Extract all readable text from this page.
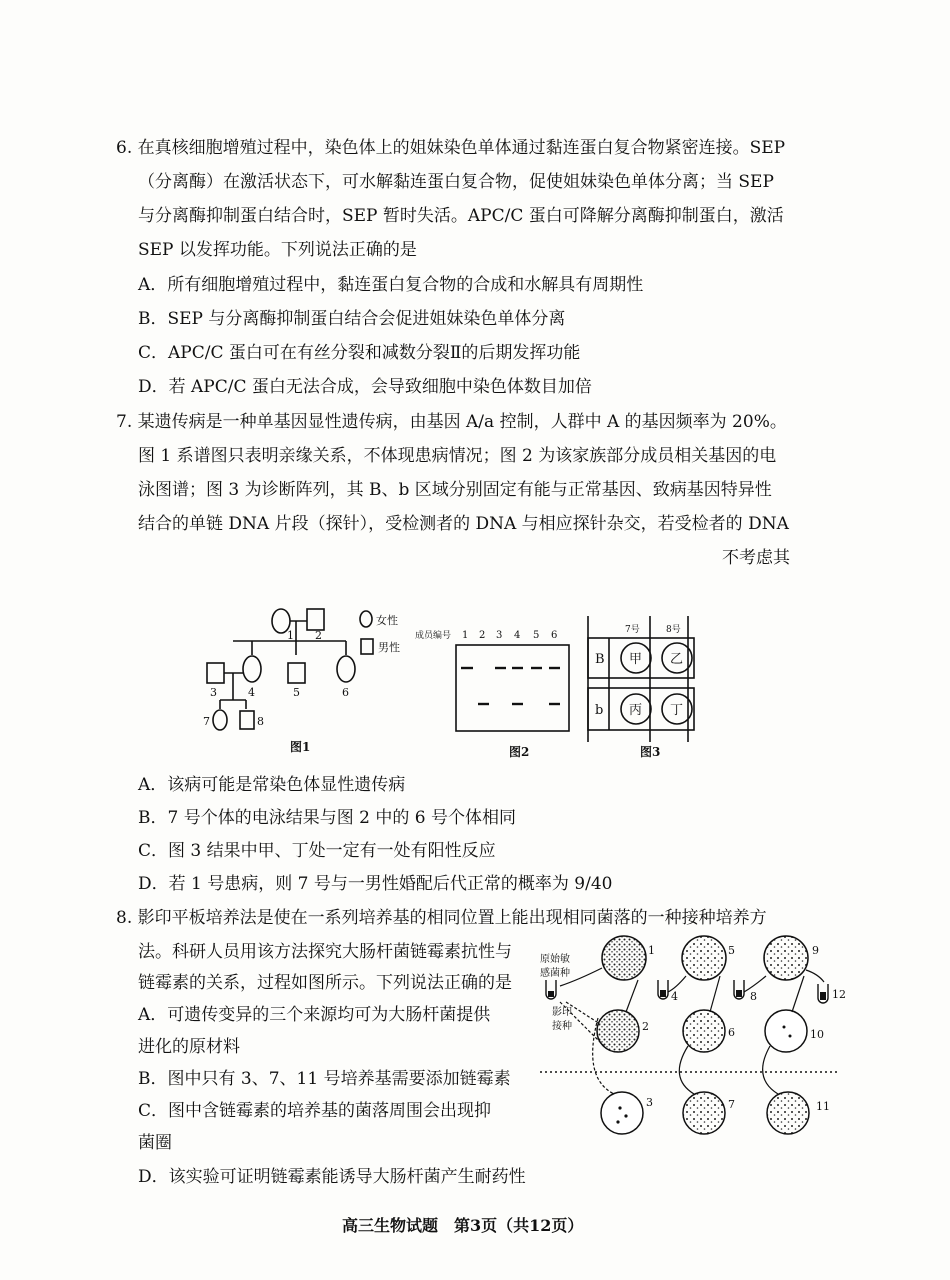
6. 在真核细胞增殖过程中，染色体上的姐妹染色单体通过黏连蛋白复合物紧密连接。SEP
（分离酶）在激活状态下，可水解黏连蛋白复合物，促使姐妹染色单体分离；当 SEP
与分离酶抑制蛋白结合时，SEP 暂时失活。APC/C 蛋白可降解分离酶抑制蛋白，激活
SEP 以发挥功能。下列说法正确的是
A．所有细胞增殖过程中，黏连蛋白复合物的合成和水解具有周期性
B．SEP 与分离酶抑制蛋白结合会促进姐妹染色单体分离
C．APC/C 蛋白可在有丝分裂和减数分裂Ⅱ的后期发挥功能
D．若 APC/C 蛋白无法合成，会导致细胞中染色体数目加倍
7. 某遗传病是一种单基因显性遗传病，由基因 A/a 控制，人群中 A 的基因频率为 20%。
图 1 系谱图只表明亲缘关系，不体现患病情况；图 2 为该家族部分成员相关基因的电
泳图谱；图 3 为诊断阵列，其 B、b 区域分别固定有能与正常基因、致病基因特异性
结合的单链 DNA 片段（探针），受检测者的 DNA 与相应探针杂交，若受检者的 DNA
不考虑其
1 2
3	4	5	6
7	8
女性
男性
图1
成员编号 1 2 3 4 5 6
图2
7号	8号
B
b
甲 乙
丙 丁
图3
A．该病可能是常染色体显性遗传病
B．7 号个体的电泳结果与图 2 中的 6 号个体相同
C．图 3 结果中甲、丁处一定有一处有阳性反应
D．若 1 号患病，则 7 号与一男性婚配后代正常的概率为 9/40
8. 影印平板培养法是使在一系列培养基的相同位置上能出现相同菌落的一种接种培养方
法。科研人员用该方法探究大肠杆菌链霉素抗性与
链霉素的关系，过程如图所示。下列说法正确的是
A．可遗传变异的三个来源均可为大肠杆菌提供
进化的原材料
B．图中只有 3、7、11 号培养基需要添加链霉素
C．图中含链霉素的培养基的菌落周围会出现抑
菌圈
D．该实验可证明链霉素能诱导大肠杆菌产生耐药性
原始敏
感菌种
影印
接种
1
2
3
4
5
6
7
8
9
10
11
12
高三生物试题　第3页（共12页）
